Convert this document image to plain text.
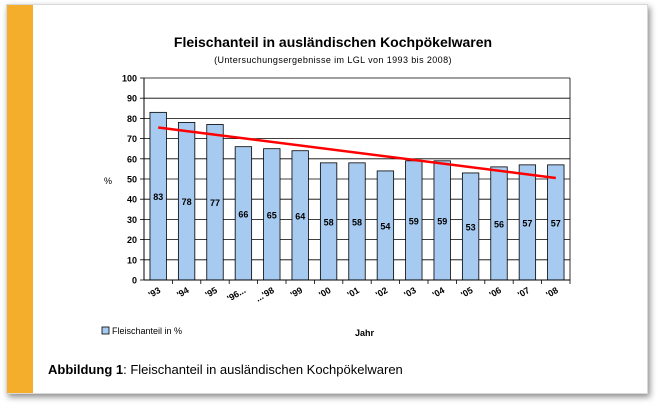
Fleischanteil in ausländischen Kochpökelwaren
(Untersuchungsergebnisse im LGL von 1993 bis 2008)
83
78 77
66 65 64
58 58 54
59 59
53 56 57 57
0
10
20
30
40
50
60
70
80
90
100
'93 '94 '95 '96... ...'98 '99 '00 '01 '02 '03 '04 '05 '06 '07 '08
%
Jahr
Fleischanteil in %
Abbildung 1: Fleischanteil in ausländischen Kochpökelwaren
